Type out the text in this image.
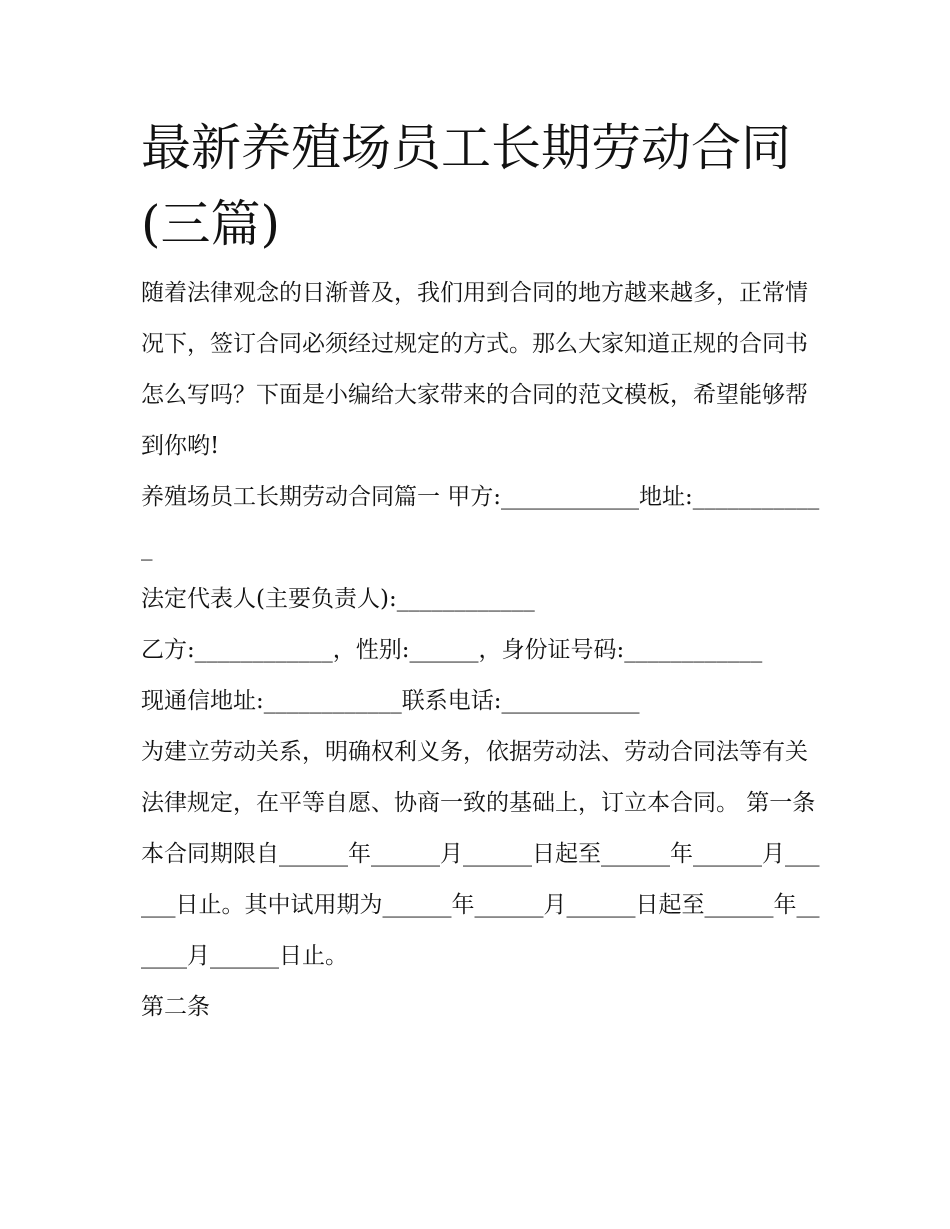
最新养殖场员工长期劳动合同
(三篇)

随着法律观念的日渐普及，我们用到合同的地方越来越多，正常情况下，签订合同必须经过规定的方式。那么大家知道正规的合同书怎么写吗？下面是小编给大家带来的合同的范文模板，希望能够帮到你哟!

养殖场员工长期劳动合同篇一 甲方:____________地址:____________

法定代表人(主要负责人):____________

乙方:____________，性别:______，身份证号码:____________

现通信地址:____________联系电话:____________

为建立劳动关系，明确权利义务，依据劳动法、劳动合同法等有关法律规定，在平等自愿、协商一致的基础上，订立本合同。 第一条

本合同期限自______年______月______日起至______年______月______日止。其中试用期为______年______月______日起至______年______月______日止。

第二条
